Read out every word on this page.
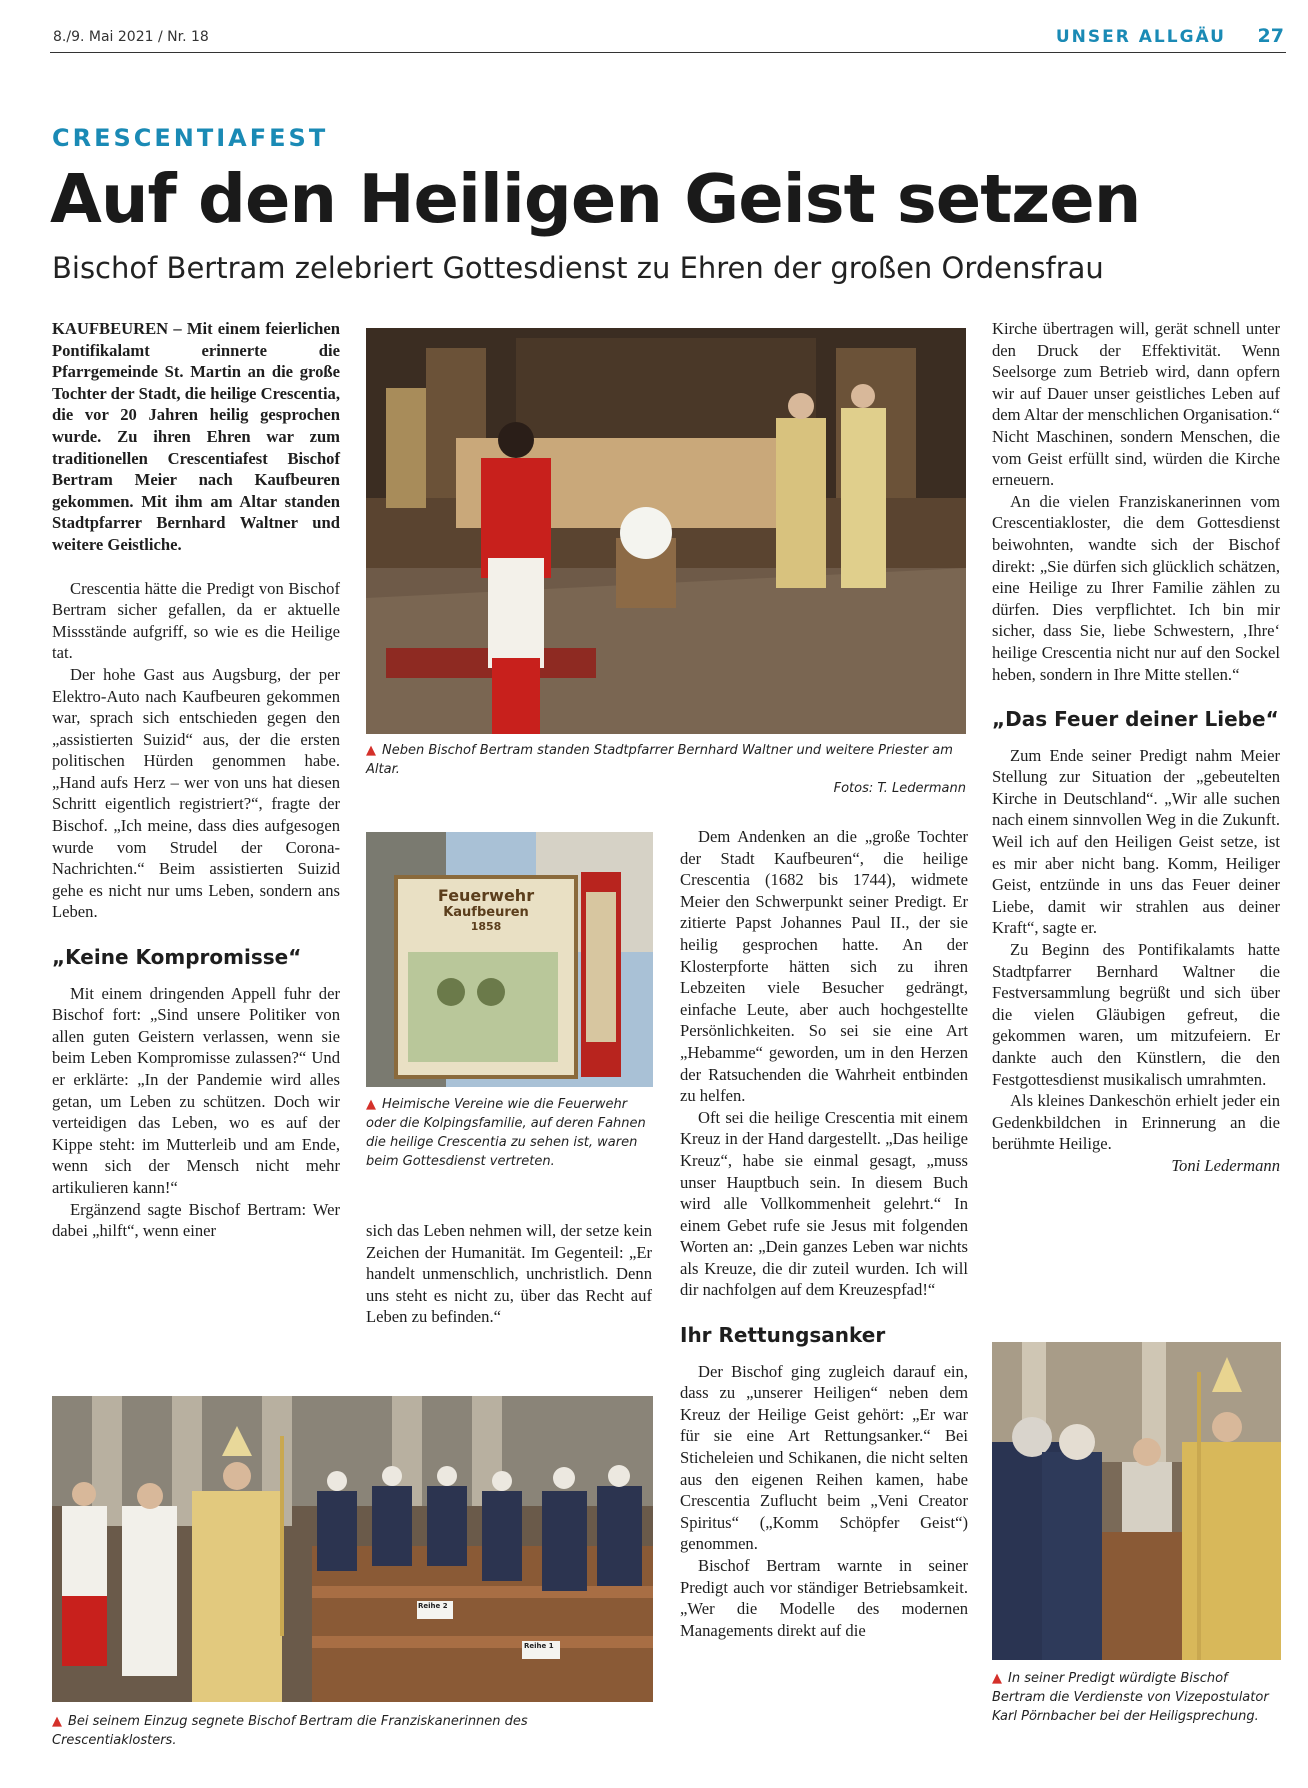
8./9. Mai 2021 / Nr. 18	UNSER ALLGÄU 27
CRESCENTIAFEST
Auf den Heiligen Geist setzen
Bischof Bertram zelebriert Gottesdienst zu Ehren der großen Ordensfrau

KAUFBEUREN – Mit einem feierlichen Pontifikalamt erinnerte die Pfarrgemeinde St. Martin an die große Tochter der Stadt, die heilige Crescentia, die vor 20 Jahren heilig gesprochen wurde. Zu ihren Ehren war zum traditionellen Crescentiafest Bischof Bertram Meier nach Kaufbeuren gekommen. Mit ihm am Altar standen Stadtpfarrer Bernhard Waltner und weitere Geistliche.

Crescentia hätte die Predigt von Bischof Bertram sicher gefallen, da er aktuelle Missstände aufgriff, so wie es die Heilige tat.

Der hohe Gast aus Augsburg, der per Elektro-Auto nach Kaufbeuren gekommen war, sprach sich entschieden gegen den „assistierten Suizid“ aus, der die ersten politischen Hürden genommen habe. „Hand aufs Herz – wer von uns hat diesen Schritt eigentlich registriert?“, fragte der Bischof. „Ich meine, dass dies aufgesogen wurde vom Strudel der Corona-Nachrichten.“ Beim assistierten Suizid gehe es nicht nur ums Leben, sondern ans Leben.

„Keine Kompromisse“

Mit einem dringenden Appell fuhr der Bischof fort: „Sind unsere Politiker von allen guten Geistern verlassen, wenn sie beim Leben Kompromisse zulassen?“ Und er erklärte: „In der Pandemie wird alles getan, um Leben zu schützen. Doch wir verteidigen das Leben, wo es auf der Kippe steht: im Mutterleib und am Ende, wenn sich der Mensch nicht mehr artikulieren kann!“

Ergänzend sagte Bischof Bertram: Wer dabei „hilft“, wenn einer

▲ Neben Bischof Bertram standen Stadtpfarrer Bernhard Waltner und weitere Priester am Altar.
Fotos: T. Ledermann
Feuerwehr
Kaufbeuren
1858
▲ Heimische Vereine wie die Feuerwehr oder die Kolpingsfamilie, auf deren Fahnen die heilige Crescentia zu sehen ist, waren beim Gottesdienst vertreten.

sich das Leben nehmen will, der setze kein Zeichen der Humanität. Im Gegenteil: „Er handelt unmenschlich, unchristlich. Denn uns steht es nicht zu, über das Recht auf Leben zu befinden.“

Dem Andenken an die „große Tochter der Stadt Kaufbeuren“, die heilige Crescentia (1682 bis 1744), widmete Meier den Schwerpunkt seiner Predigt. Er zitierte Papst Johannes Paul II., der sie heilig gesprochen hatte. An der Klosterpforte hätten sich zu ihren Lebzeiten viele Besucher gedrängt, einfache Leute, aber auch hochgestellte Persönlichkeiten. So sei sie eine Art „Hebamme“ geworden, um in den Herzen der Ratsuchenden die Wahrheit entbinden zu helfen.

Oft sei die heilige Crescentia mit einem Kreuz in der Hand dargestellt. „Das heilige Kreuz“, habe sie einmal gesagt, „muss unser Hauptbuch sein. In diesem Buch wird alle Vollkommenheit gelehrt.“ In einem Gebet rufe sie Jesus mit folgenden Worten an: „Dein ganzes Leben war nichts als Kreuze, die dir zuteil wurden. Ich will dir nachfolgen auf dem Kreuzespfad!“

Ihr Rettungsanker

Der Bischof ging zugleich darauf ein, dass zu „unserer Heiligen“ neben dem Kreuz der Heilige Geist gehört: „Er war für sie eine Art Rettungsanker.“ Bei Sticheleien und Schikanen, die nicht selten aus den eigenen Reihen kamen, habe Crescentia Zuflucht beim „Veni Creator Spiritus“ („Komm Schöpfer Geist“) genommen.

Bischof Bertram warnte in seiner Predigt auch vor ständiger Betriebsamkeit. „Wer die Modelle des modernen Managements direkt auf die

Kirche übertragen will, gerät schnell unter den Druck der Effektivität. Wenn Seelsorge zum Betrieb wird, dann opfern wir auf Dauer unser geistliches Leben auf dem Altar der menschlichen Organisation.“ Nicht Maschinen, sondern Menschen, die vom Geist erfüllt sind, würden die Kirche erneuern.

An die vielen Franziskanerinnen vom Crescentiakloster, die dem Gottesdienst beiwohnten, wandte sich der Bischof direkt: „Sie dürfen sich glücklich schätzen, eine Heilige zu Ihrer Familie zählen zu dürfen. Dies verpflichtet. Ich bin mir sicher, dass Sie, liebe Schwestern, ‚Ihre‘ heilige Crescentia nicht nur auf den Sockel heben, sondern in Ihre Mitte stellen.“

„Das Feuer deiner Liebe“

Zum Ende seiner Predigt nahm Meier Stellung zur Situation der „gebeutelten Kirche in Deutschland“. „Wir alle suchen nach einem sinnvollen Weg in die Zukunft. Weil ich auf den Heiligen Geist setze, ist es mir aber nicht bang. Komm, Heiliger Geist, entzünde in uns das Feuer deiner Liebe, damit wir strahlen aus deiner Kraft“, sagte er.

Zu Beginn des Pontifikalamts hatte Stadtpfarrer Bernhard Waltner die Festversammlung begrüßt und sich über die vielen Gläubigen gefreut, die gekommen waren, um mitzufeiern. Er dankte auch den Künstlern, die den Festgottesdienst musikalisch umrahmten.

Als kleines Dankeschön erhielt jeder ein Gedenkbildchen in Erinnerung an die berühmte Heilige.

Toni Ledermann

Reihe 2
Reihe 1
▲ Bei seinem Einzug segnete Bischof Bertram die Franziskanerinnen des Crescentiaklosters.
▲ In seiner Predigt würdigte Bischof Bertram die Verdienste von Vizepostulator Karl Pörnbacher bei der Heiligsprechung.
